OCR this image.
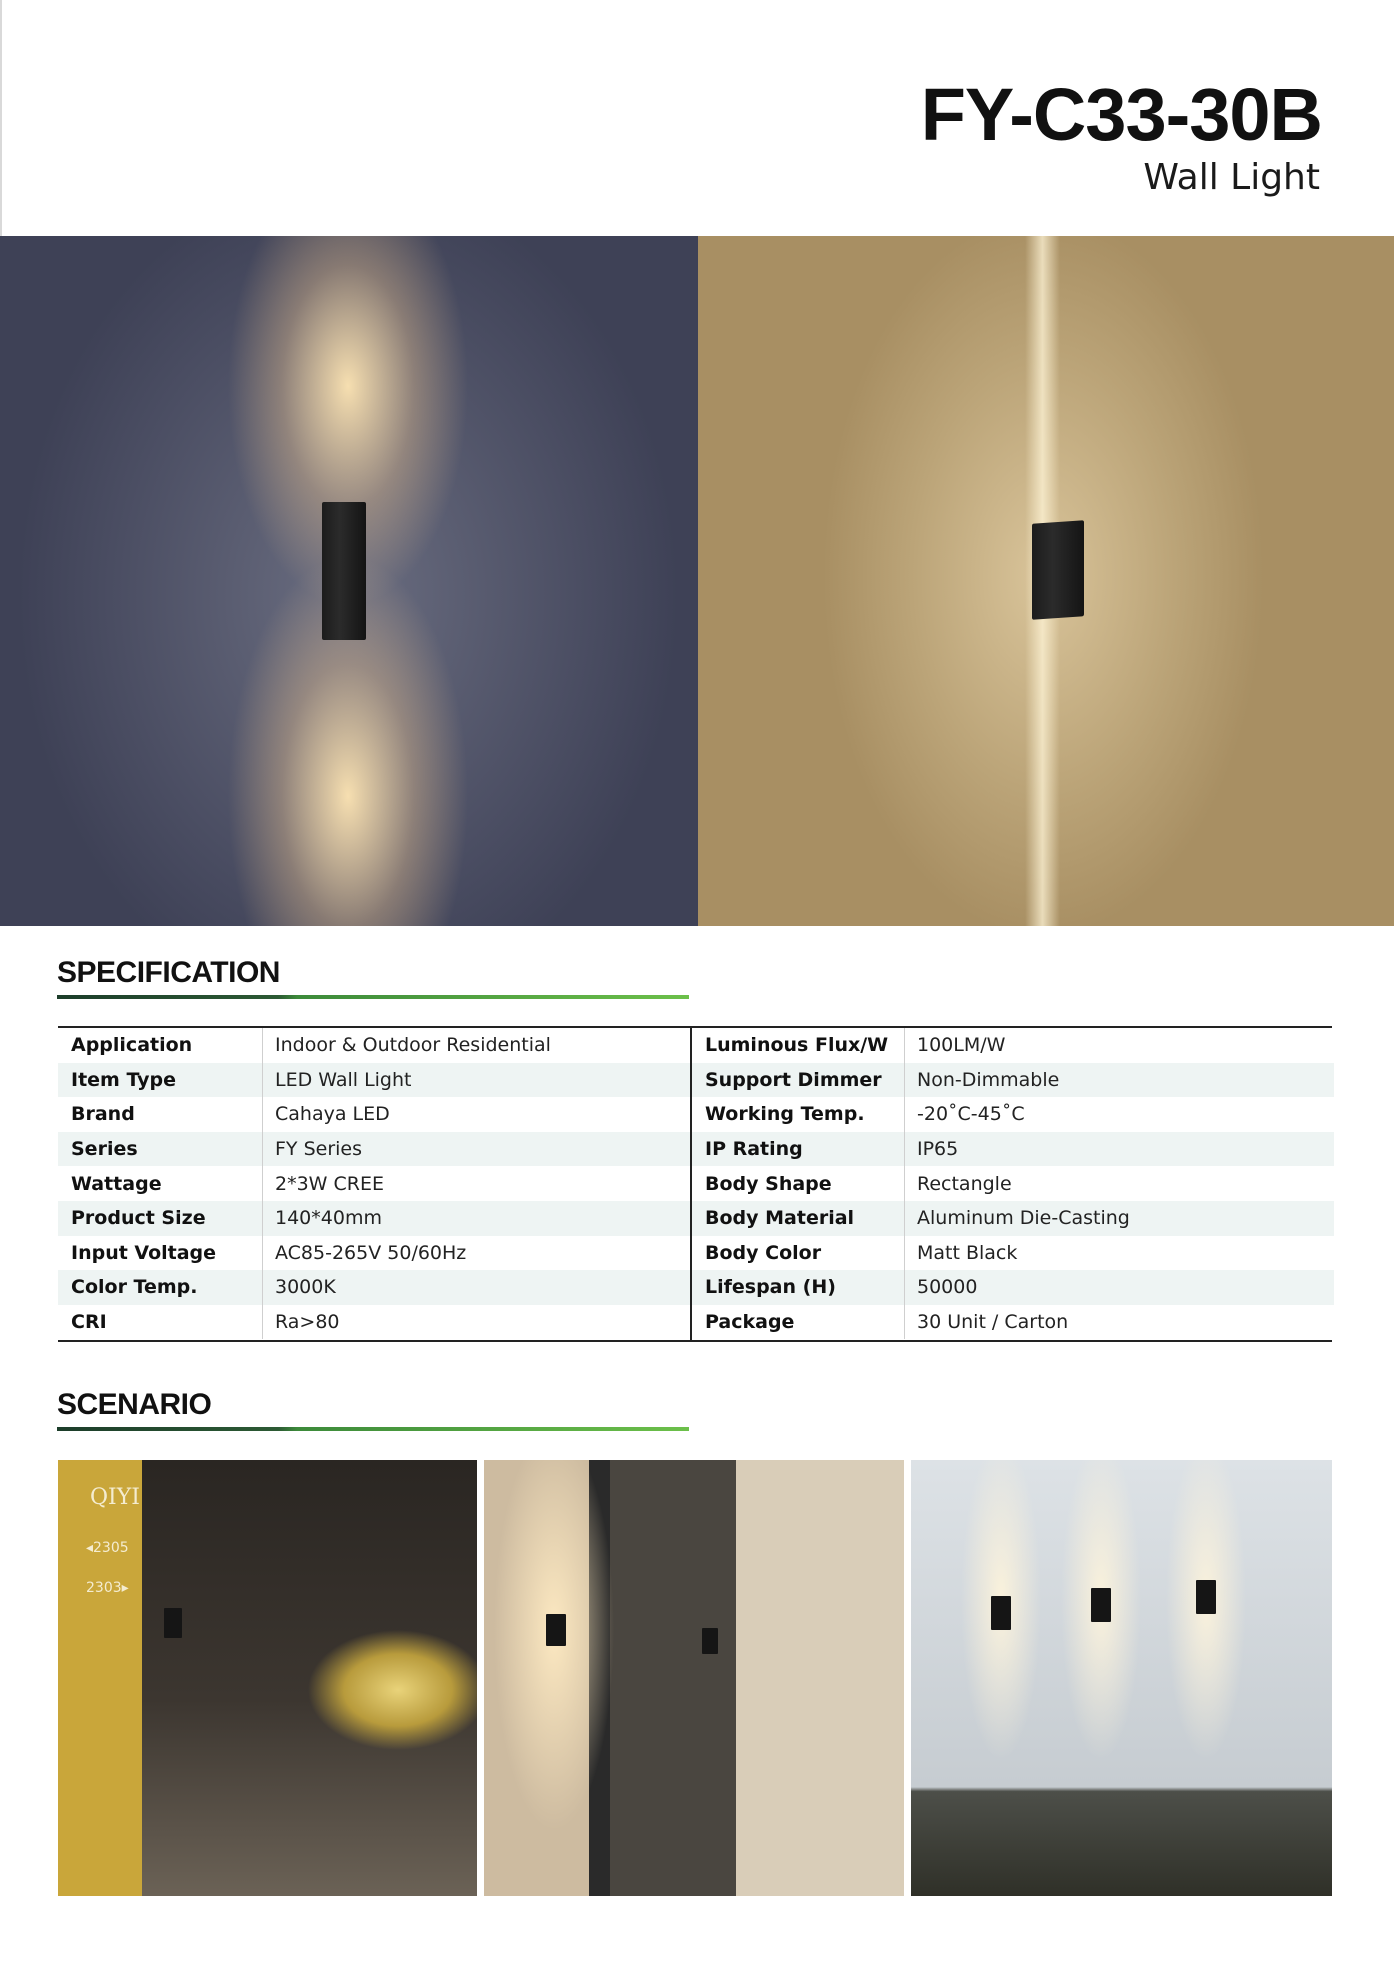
FY-C33-30B
Wall Light
SPECIFICATION
Application	Indoor & Outdoor Residential
Item Type	LED Wall Light
Brand	Cahaya LED
Series	FY Series
Wattage	2*3W CREE
Product Size	140*40mm
Input Voltage	AC85-265V 50/60Hz
Color Temp.	3000K
CRI	Ra>80
Luminous Flux/W	100LM/W
Support Dimmer	Non-Dimmable
Working Temp.	-20˚C-45˚C
IP Rating	IP65
Body Shape	Rectangle
Body Material	Aluminum Die-Casting
Body Color	Matt Black
Lifespan (H)	50000
Package	30 Unit / Carton
SCENARIO
QIYI
◂2305
2303▸
